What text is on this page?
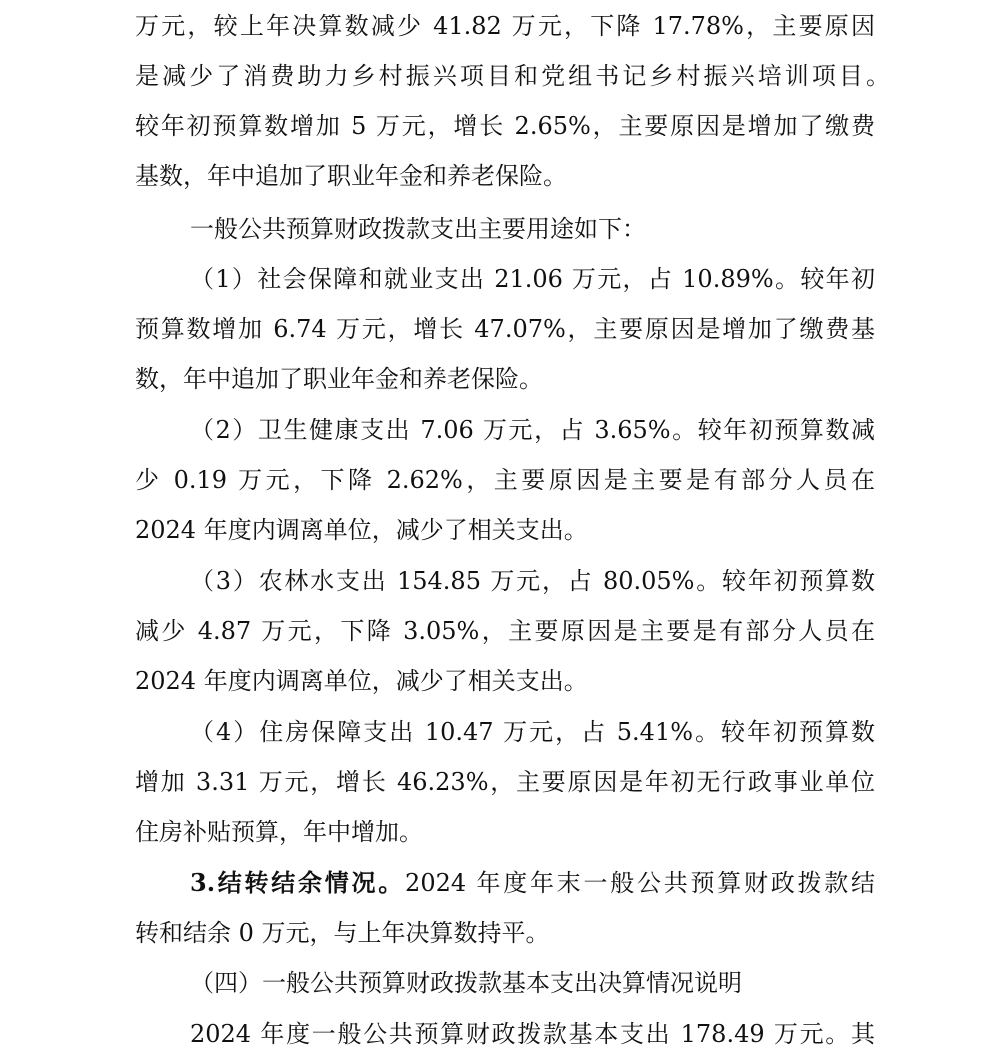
万元，较上年决算数减少 41.82 万元，下降 17.78%，主要原因
是减少了消费助力乡村振兴项目和党组书记乡村振兴培训项目。
较年初预算数增加 5 万元，增长 2.65%，主要原因是增加了缴费
基数，年中追加了职业年金和养老保险。
一般公共预算财政拨款支出主要用途如下：
（1）社会保障和就业支出 21.06 万元，占 10.89%。较年初
预算数增加 6.74 万元，增长 47.07%，主要原因是增加了缴费基
数，年中追加了职业年金和养老保险。
（2）卫生健康支出 7.06 万元，占 3.65%。较年初预算数减
少 0.19 万元，下降 2.62%，主要原因是主要是有部分人员在
2024 年度内调离单位，减少了相关支出。
（3）农林水支出 154.85 万元，占 80.05%。较年初预算数
减少 4.87 万元，下降 3.05%，主要原因是主要是有部分人员在
2024 年度内调离单位，减少了相关支出。
（4）住房保障支出 10.47 万元，占 5.41%。较年初预算数
增加 3.31 万元，增长 46.23%，主要原因是年初无行政事业单位
住房补贴预算，年中增加。
3.结转结余情况。2024 年度年末一般公共预算财政拨款结
转和结余 0 万元，与上年决算数持平。
（四）一般公共预算财政拨款基本支出决算情况说明
2024 年度一般公共预算财政拨款基本支出 178.49 万元。其
